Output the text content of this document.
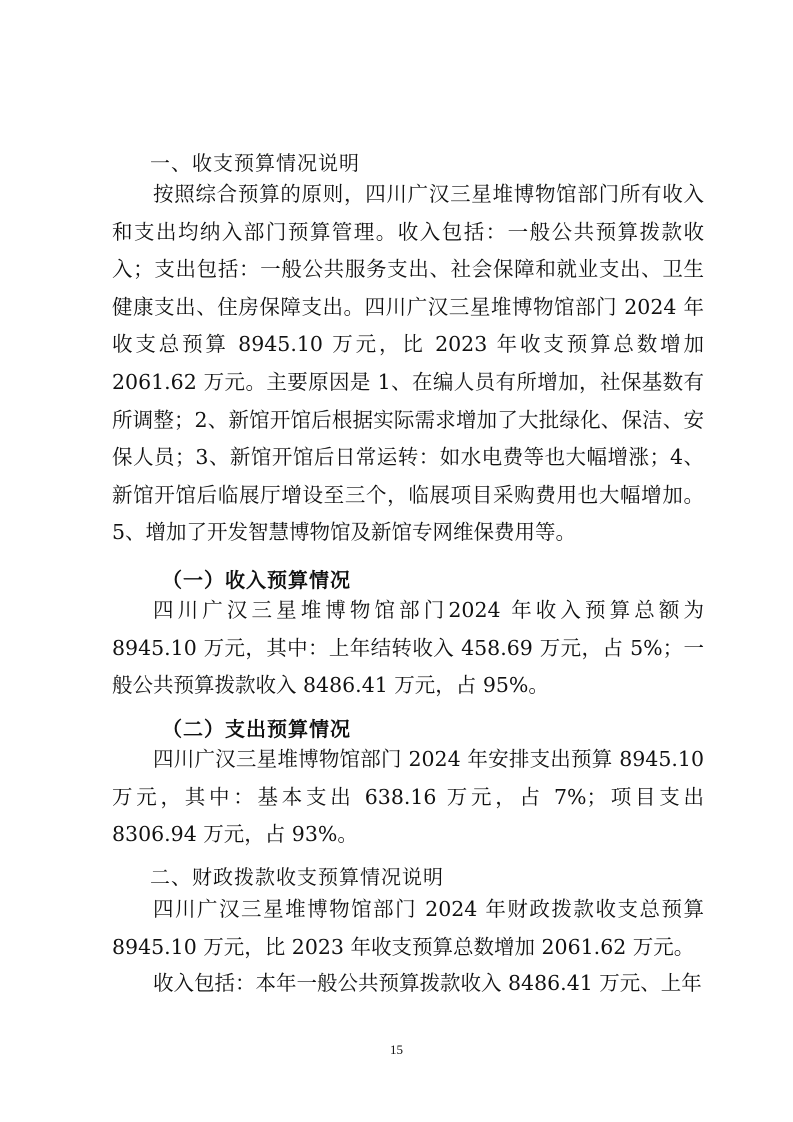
一、收支预算情况说明

按照综合预算的原则，四川广汉三星堆博物馆部门所有收入和支出均纳入部门预算管理。收入包括：一般公共预算拨款收入；支出包括：一般公共服务支出、社会保障和就业支出、卫生健康支出、住房保障支出。四川广汉三星堆博物馆部门 2024 年收支总预算 8945.10 万元，比 2023 年收支预算总数增加 2061.62 万元。主要原因是 1、在编人员有所增加，社保基数有所调整；2、新馆开馆后根据实际需求增加了大批绿化、保洁、安保人员；3、新馆开馆后日常运转：如水电费等也大幅增涨；4、新馆开馆后临展厅增设至三个，临展项目采购费用也大幅增加。5、增加了开发智慧博物馆及新馆专网维保费用等。

（一）收入预算情况

四川广汉三星堆博物馆部门2024 年收入预算总额为 8945.10 万元，其中：上年结转收入 458.69 万元，占 5%；一般公共预算拨款收入 8486.41 万元，占 95%。

（二）支出预算情况

四川广汉三星堆博物馆部门 2024 年安排支出预算 8945.10 万元，其中：基本支出 638.16 万元，占 7%；项目支出 8306.94 万元，占 93%。

二、财政拨款收支预算情况说明

四川广汉三星堆博物馆部门 2024 年财政拨款收支总预算 8945.10 万元，比 2023 年收支预算总数增加 2061.62 万元。

收入包括：本年一般公共预算拨款收入 8486.41 万元、上年

15
